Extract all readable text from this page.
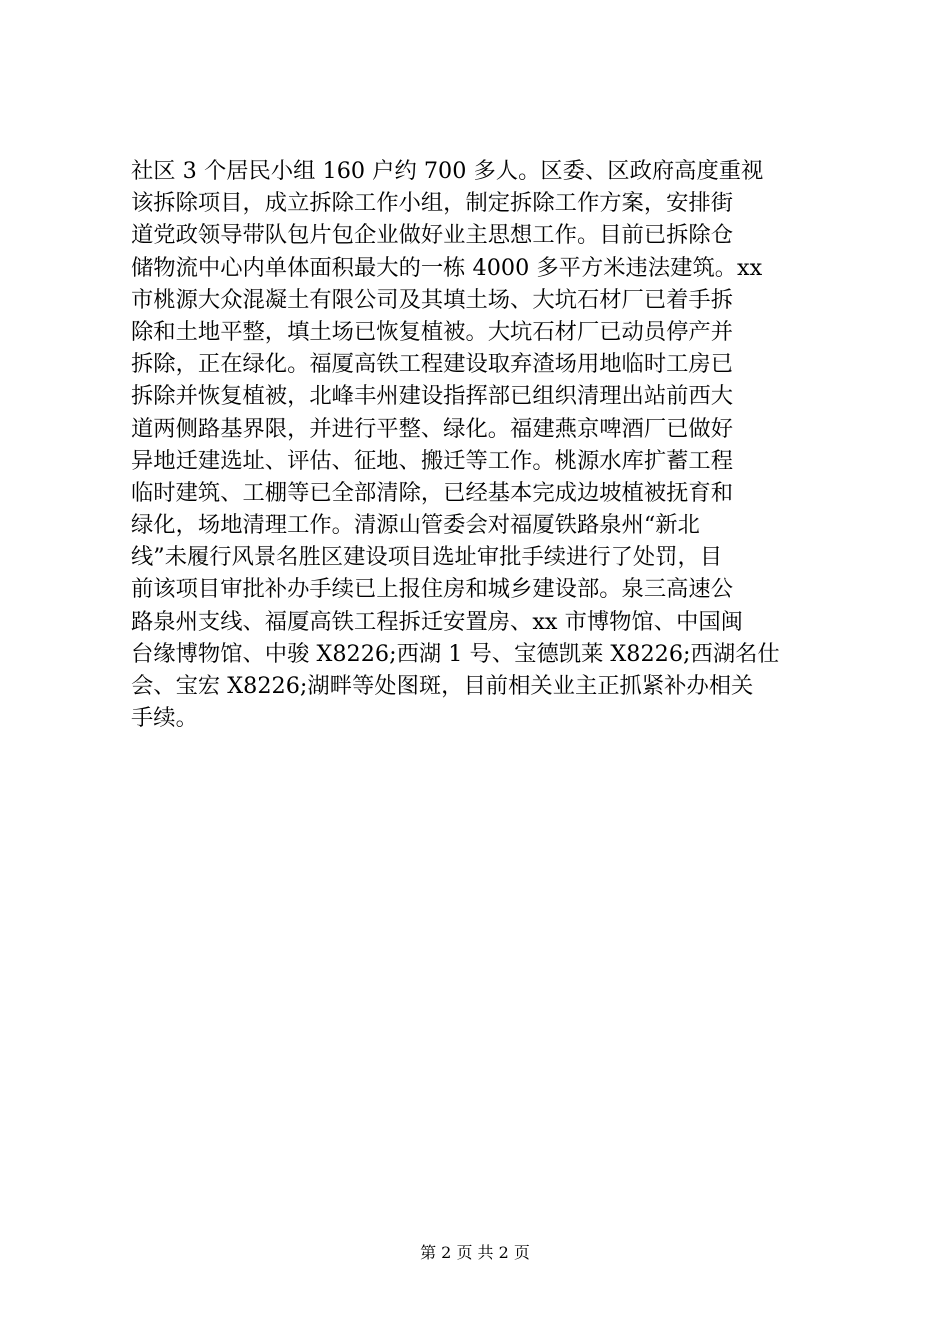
社区 3 个居民小组 160 户约 700 多人。区委、区政府高度重视
该拆除项目，成立拆除工作小组，制定拆除工作方案，安排街
道党政领导带队包片包企业做好业主思想工作。目前已拆除仓
储物流中心内单体面积最大的一栋 4000 多平方米违法建筑。xx
市桃源大众混凝土有限公司及其填土场、大坑石材厂已着手拆
除和土地平整，填土场已恢复植被。大坑石材厂已动员停产并
拆除，正在绿化。福厦高铁工程建设取弃渣场用地临时工房已
拆除并恢复植被，北峰丰州建设指挥部已组织清理出站前西大
道两侧路基界限，并进行平整、绿化。福建燕京啤酒厂已做好
异地迁建选址、评估、征地、搬迁等工作。桃源水库扩蓄工程
临时建筑、工棚等已全部清除，已经基本完成边坡植被抚育和
绿化，场地清理工作。清源山管委会对福厦铁路泉州“新北
线”未履行风景名胜区建设项目选址审批手续进行了处罚，目
前该项目审批补办手续已上报住房和城乡建设部。泉三高速公
路泉州支线、福厦高铁工程拆迁安置房、xx 市博物馆、中国闽
台缘博物馆、中骏 X8226;西湖 1 号、宝德凯莱 X8226;西湖名仕
会、宝宏 X8226;湖畔等处图斑，目前相关业主正抓紧补办相关
手续。
第 2 页 共 2 页
